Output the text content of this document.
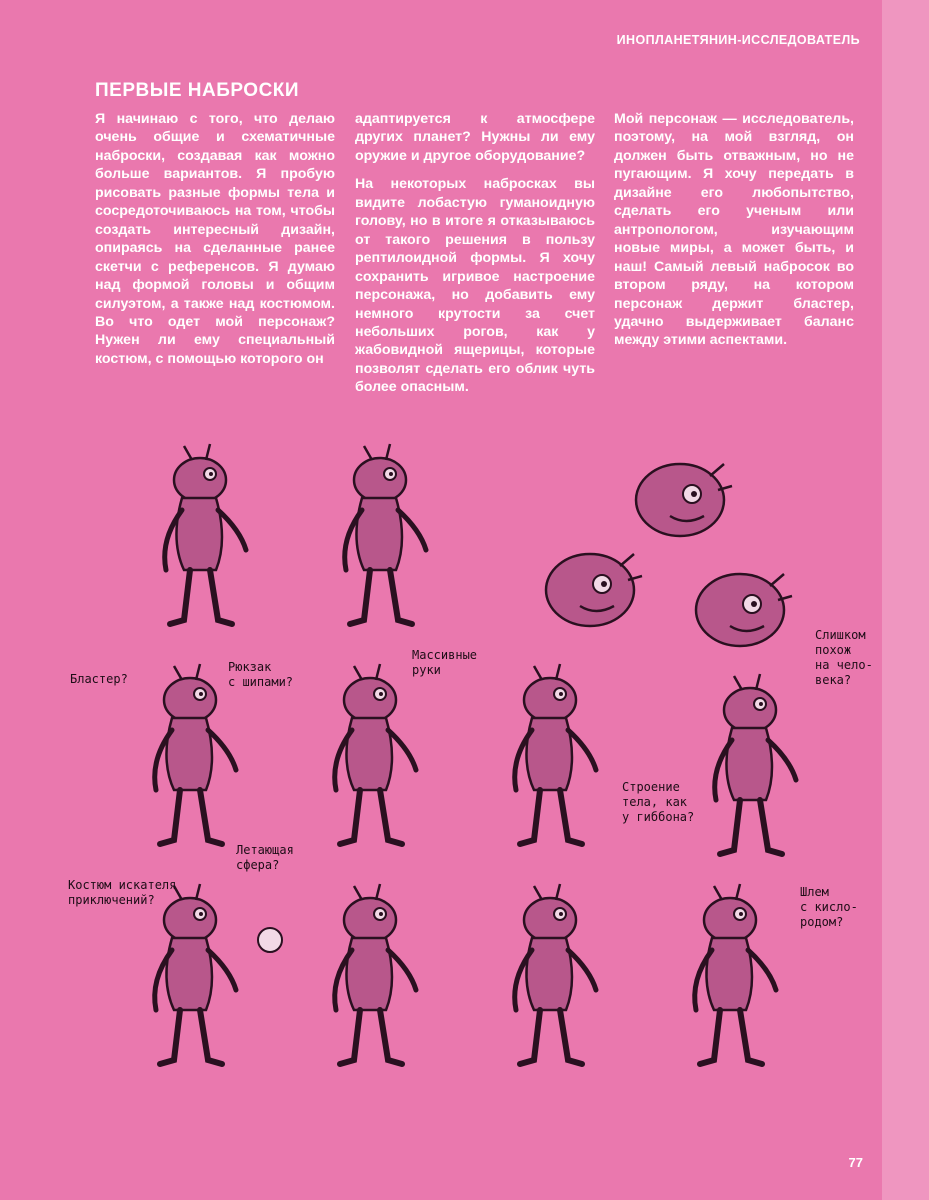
ИНОПЛАНЕТЯНИН-ИССЛЕДОВАТЕЛЬ
ПЕРВЫЕ НАБРОСКИ

Я начинаю с того, что делаю очень общие и схематичные наброски, создавая как можно больше вариантов. Я пробую рисовать разные формы тела и сосредоточиваюсь на том, чтобы создать интересный дизайн, опираясь на сделанные ранее скетчи с референсов. Я думаю над формой головы и общим силуэтом, а также над костюмом. Во что одет мой персонаж? Нужен ли ему специальный костюм, с помощью которого он

адаптируется к атмосфере других планет? Нужны ли ему оружие и другое оборудование?

На некоторых набросках вы видите лобастую гуманоидную голову, но в итоге я отказываюсь от такого решения в пользу рептилоидной формы. Я хочу сохранить игривое настроение персонажа, но добавить ему немного крутости за счет небольших рогов, как у жабовидной ящерицы, которые позволят сделать его облик чуть более опасным.

Мой персонаж — исследователь, поэтому, на мой взгляд, он должен быть отважным, но не пугающим. Я хочу передать в дизайне его любопытство, сделать его ученым или антропологом, изучающим новые миры, а может быть, и наш! Самый левый набросок во втором ряду, на котором персонаж держит бластер, удачно выдерживает баланс между этими аспектами.

Бластер?
Рюкзак
с шипами?
Массивные
руки
Слишком
похож
на чело-
века?
Строение
тела, как
у гиббона?
Летающая
сфера?
Костюм искателя
приключений?
Шлем
с кисло-
родом?
77
